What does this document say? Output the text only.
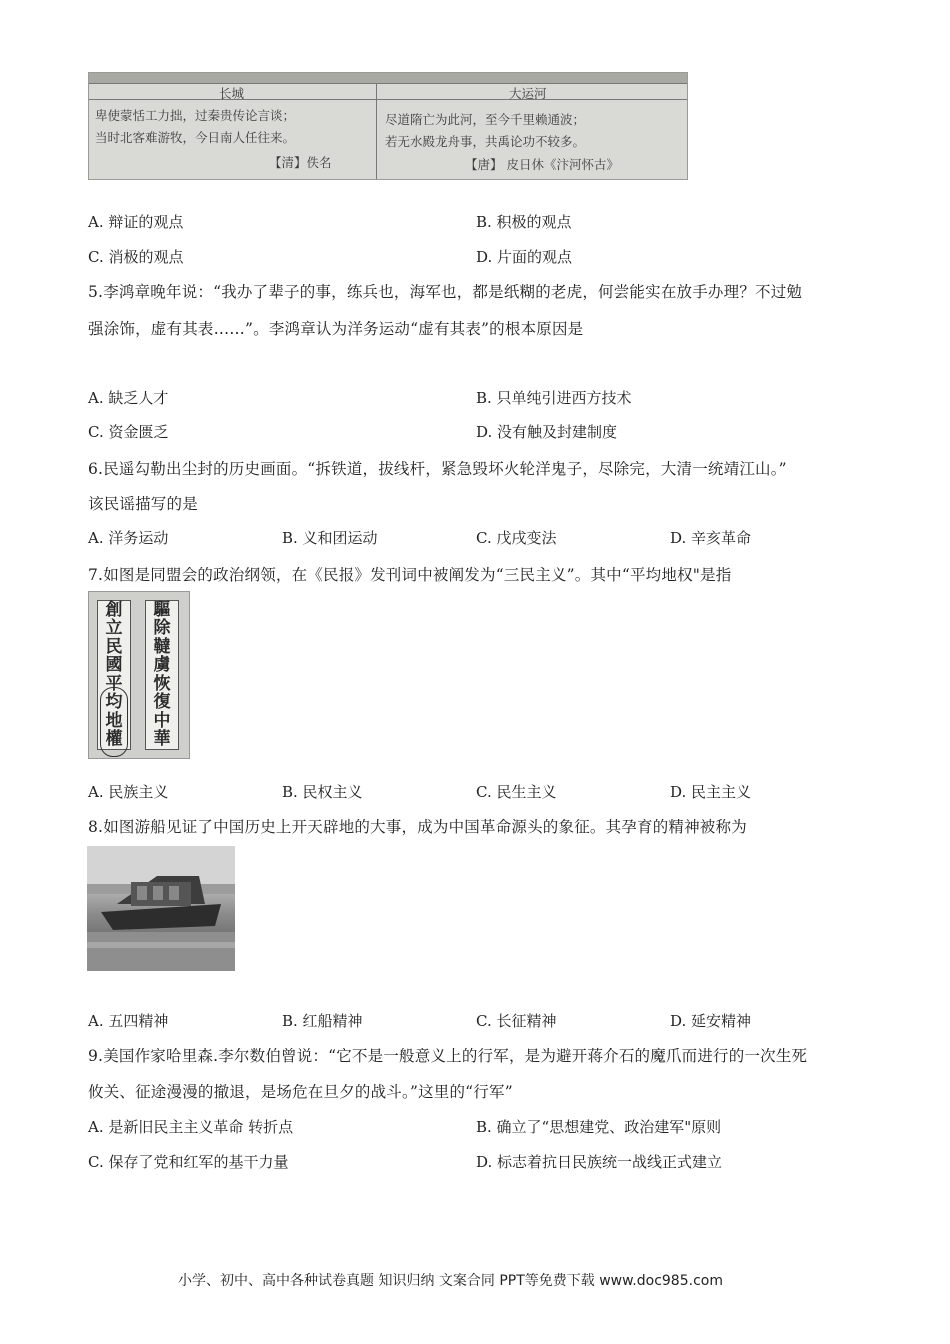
长城	大运河
卑使蒙恬工力拙，过秦贵传论言谈；
当时北客难游牧，今日南人任往来。
【清】佚名
尽道隋亡为此河，至今千里赖通波；
若无水殿龙舟事，共禹论功不较多。
【唐】 皮日休《汴河怀古》
A. 辩证的观点	B. 积极的观点
C. 消极的观点	D. 片面的观点
5.李鸿章晚年说：“我办了辈子的事，练兵也，海军也，都是纸糊的老虎，何尝能实在放手办理？不过勉
强涂饰，虚有其表……”。李鸿章认为洋务运动“虚有其表”的根本原因是
A. 缺乏人才	B. 只单纯引进西方技术
C. 资金匮乏	D. 没有触及封建制度
6.民遥勾勒出尘封的历史画面。“拆铁道，拔线杆，紧急毁坏火轮洋鬼子，尽除完，大清一统靖江山。”
该民谣描写的是
A. 洋务运动	B. 义和团运动	C. 戊戌变法	D. 辛亥革命
7.如图是同盟会的政治纲领，在《民报》发刊词中被阐发为“三民主义”。其中“平均地权"是指
創
立
民
國
平
均
地
權
驅
除
韃
虜
恢
復
中
華
A. 民族主义	B. 民权主义	C. 民生主义	D. 民主主义
8.如图游船见证了中国历史上开天辟地的大事，成为中国革命源头的象征。其孕育的精神被称为
A. 五四精神	B. 红船精神	C. 长征精神	D. 延安精神
9.美国作家哈里森.李尔数伯曾说：“它不是一般意义上的行军，是为避开蒋介石的魔爪而进行的一次生死
攸关、征途漫漫的撤退，是场危在旦夕的战斗。”这里的“行军”
A. 是新旧民主主义革命 转折点	B. 确立了“思想建党、政治建军"原则
C. 保存了党和红军的基干力量	D. 标志着抗日民族统一战线正式建立
小学、初中、高中各种试卷真题 知识归纳 文案合同 PPT等免费下载 www.doc985.com
